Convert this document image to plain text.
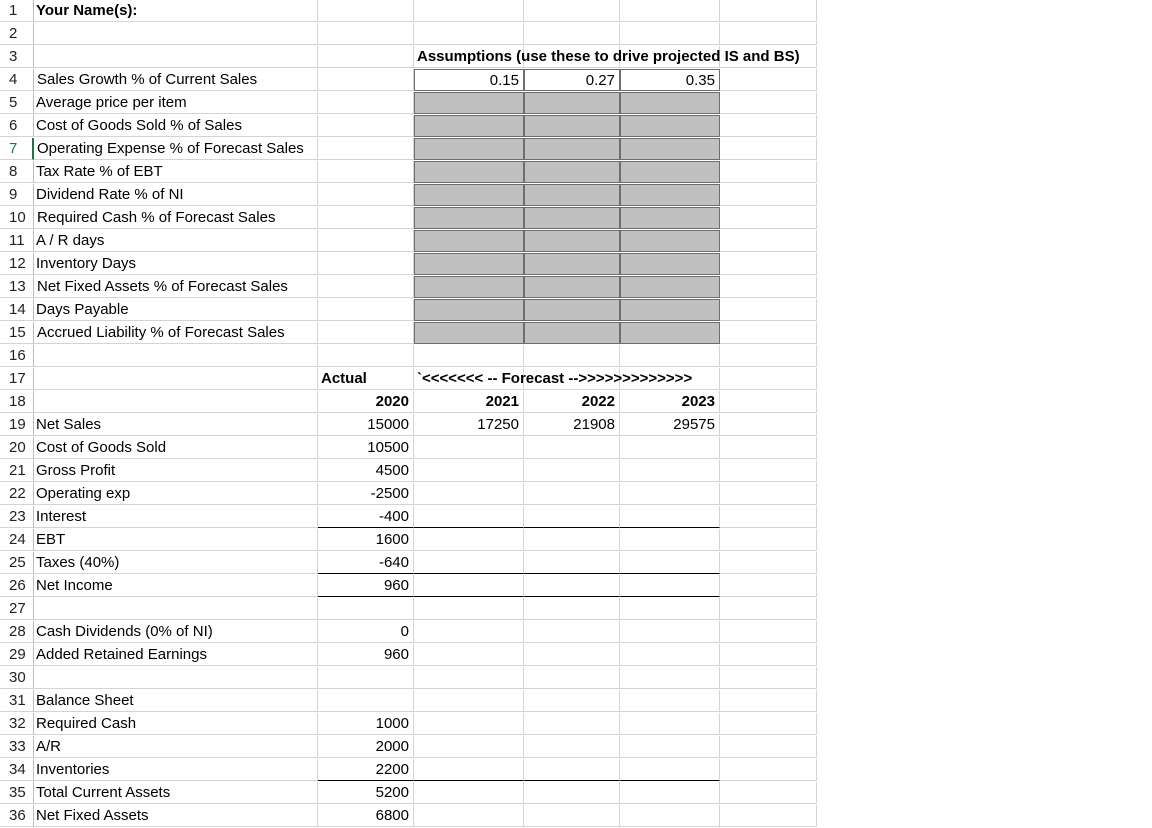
1	Your Name(s):
2
3	Assumptions (use these to drive projected IS and BS)
4	Sales Growth % of Current Sales	0.15	0.27	0.35
5	Average price per item
6	Cost of Goods Sold % of Sales
7	Operating Expense % of Forecast Sales
8	Tax Rate % of EBT
9	Dividend Rate % of NI
10 Required Cash % of Forecast Sales
11 A / R days
12 Inventory Days
13 Net Fixed Assets % of Forecast Sales
14 Days Payable
15 Accrued Liability % of Forecast Sales
16
17	Actual	`<<<<<<< -- Forecast -->>>>>>>>>>>>>
18	2020	2021	2022	2023
19 Net Sales	15000	17250	21908	29575
20 Cost of Goods Sold	10500
21 Gross Profit	4500
22 Operating exp	-2500
23 Interest	-400
24 EBT	1600
25 Taxes (40%)	-640
26 Net Income	960
27
28 Cash Dividends (0% of NI)	0
29 Added Retained Earnings	960
30
31 Balance Sheet
32 Required Cash	1000
33 A/R	2000
34 Inventories	2200
35 Total Current Assets	5200
36 Net Fixed Assets	6800
